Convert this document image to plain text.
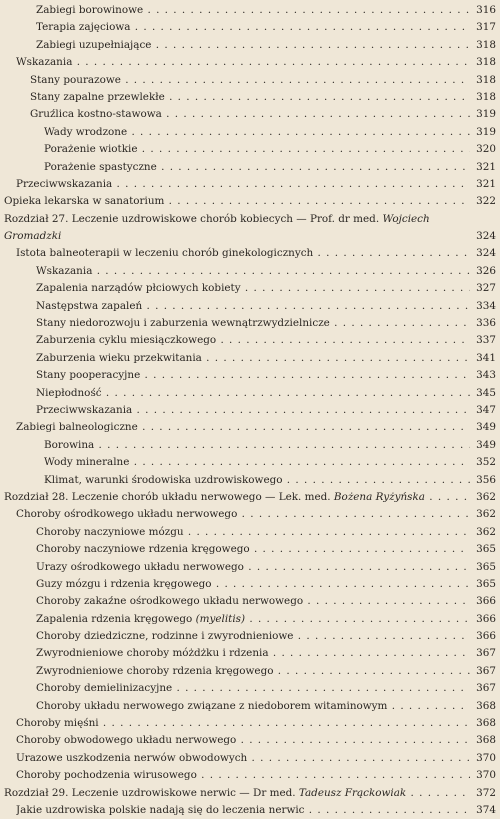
Zabiegi borowinowe . . .	316
Terapia zajęciowa . . .	317
Zabiegi uzupełniające . . .	318
Wskazania . . .	318
Stany pourazowe . . .	318
Stany zapalne przewlekłe . . .	318
Gruźlica kostno-stawowa . . .	319
Wady wrodzone . . .	319
Porażenie wiotkie . . .	320
Porażenie spastyczne . . .	321
Przeciwwskazania . . .	321
Opieka lekarska w sanatorium . . .	322
Rozdział 27. Leczenie uzdrowiskowe chorób kobiecych — Prof. dr med. Wojciech Gromadzki	324
Istota balneoterapii w leczeniu chorób ginekologicznych . . .	324
Wskazania . . .	326
Zapalenia narządów płciowych kobiety . . .	327
Następstwa zapaleń . . .	334
Stany niedorozwoju i zaburzenia wewnątrzwydzielnicze . . .	336
Zaburzenia cyklu miesiączkowego . . .	337
Zaburzenia wieku przekwitania . . .	341
Stany pooperacyjne . . .	343
Niepłodność . . .	345
Przeciwwskazania . . .	347
Zabiegi balneologiczne . . .	349
Borowina . . .	349
Wody mineralne . . .	352
Klimat, warunki środowiska uzdrowiskowego . . .	356
Rozdział 28. Leczenie chorób układu nerwowego — Lek. med. Bożena Ryżyńska . . .	362
Choroby ośrodkowego układu nerwowego . . .	362
Choroby naczyniowe mózgu . . .	362
Choroby naczyniowe rdzenia kręgowego . . .	365
Urazy ośrodkowego układu nerwowego . . .	365
Guzy mózgu i rdzenia kręgowego . . .	365
Choroby zakaźne ośrodkowego układu nerwowego . . .	366
Zapalenia rdzenia kręgowego (myelitis) . . .	366
Choroby dziedziczne, rodzinne i zwyrodnieniowe . . .	366
Zwyrodnieniowe choroby móżdżku i rdzenia . . .	367
Zwyrodnieniowe choroby rdzenia kręgowego . . .	367
Choroby demielinizacyjne . . .	367
Choroby układu nerwowego związane z niedoborem witaminowym . . .	368
Choroby mięśni . . .	368
Choroby obwodowego układu nerwowego . . .	368
Urazowe uszkodzenia nerwów obwodowych . . .	370
Choroby pochodzenia wirusowego . . .	370
Rozdział 29. Leczenie uzdrowiskowe nerwic — Dr med. Tadeusz Frąckowiak . . .	372
Jakie uzdrowiska polskie nadają się do leczenia nerwic . . .	374
